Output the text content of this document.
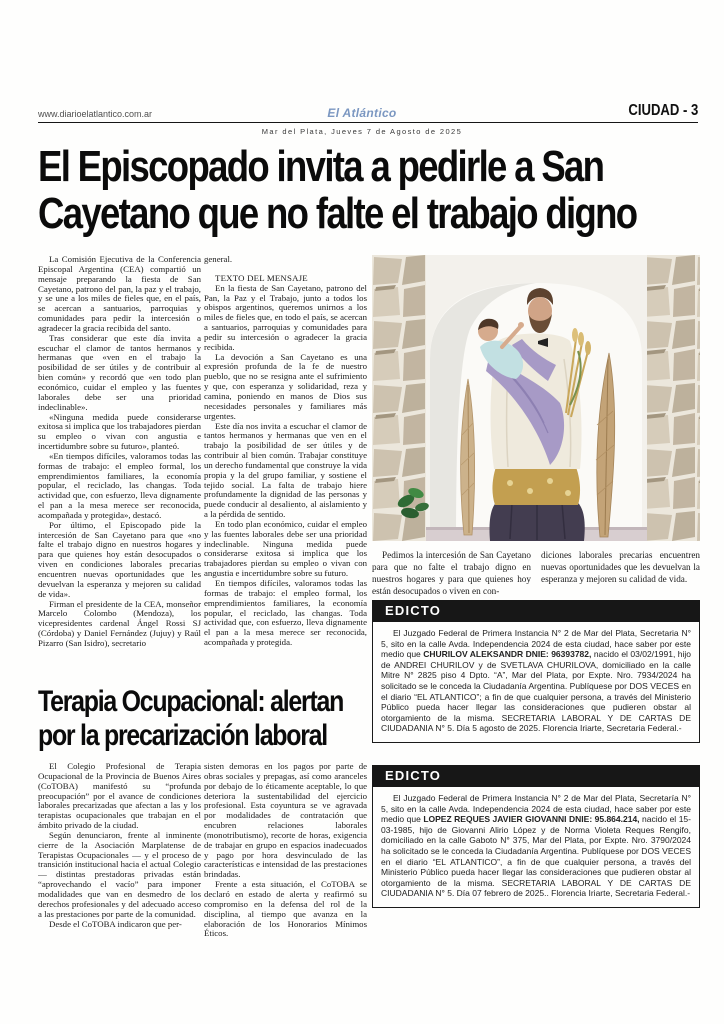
www.diarioelatlantico.com.ar	El Atlántico	CIUDAD - 3
Mar del Plata, Jueves 7 de Agosto de 2025
El Episcopado invita a pedirle a San
Cayetano que no falte el trabajo digno

La Comisión Ejecutiva de la Conferencia Episcopal Argentina (CEA) compartió un mensaje preparando la fiesta de San Cayetano, patrono del pan, la paz y el trabajo, y se une a los miles de fieles que, en el país, se acercan a santuarios, parroquias y comunidades para pedir la intercesión o agradecer la gracia recibida del santo.

Tras considerar que este día invita a escuchar el clamor de tantos hermanos y hermanas que «ven en el trabajo la posibilidad de ser útiles y de contribuir al bien común» y recordó que «en todo plan económico, cuidar el empleo y las fuentes laborales debe ser una prioridad indeclinable».

«Ninguna medida puede considerarse exitosa si implica que los trabajadores pierdan su empleo o vivan con angustia e incertidumbre sobre su futuro», planteó.

«En tiempos difíciles, valoramos todas las formas de trabajo: el empleo formal, los emprendimientos familiares, la economía popular, el reciclado, las changas. Toda actividad que, con esfuerzo, lleva dignamente el pan a la mesa merece ser reconocida, acompañada y protegida», destacó.

Por último, el Episcopado pide la intercesión de San Cayetano para que «no falte el trabajo digno en nuestros hogares y para que quienes hoy están desocupados o viven en condiciones laborales precarias encuentren nuevas oportunidades que les devuelvan la esperanza y mejoren su calidad de vida».

Firman el presidente de la CEA, monseñor Marcelo Colombo (Mendoza), los vicepresidentes cardenal Ángel Rossi SJ (Córdoba) y Daniel Fernández (Jujuy) y Raúl Pizarro (San Isidro), secretario

general.

TEXTO DEL MENSAJE

En la fiesta de San Cayetano, patrono del Pan, la Paz y el Trabajo, junto a todos los obispos argentinos, queremos unirnos a los miles de fieles que, en todo el país, se acercan a santuarios, parroquias y comunidades para pedir su intercesión o agradecer la gracia recibida.

La devoción a San Cayetano es una expresión profunda de la fe de nuestro pueblo, que no se resigna ante el sufrimiento y que, con esperanza y solidaridad, reza y camina, poniendo en manos de Dios sus necesidades personales y familiares más urgentes.

Este día nos invita a escuchar el clamor de tantos hermanos y hermanas que ven en el trabajo la posibilidad de ser útiles y de contribuir al bien común. Trabajar constituye un derecho fundamental que construye la vida propia y la del grupo familiar, y sostiene el tejido social. La falta de trabajo hiere profundamente la dignidad de las personas y puede conducir al desaliento, al aislamiento y a la pérdida de sentido.

En todo plan económico, cuidar el empleo y las fuentes laborales debe ser una prioridad indeclinable. Ninguna medida puede considerarse exitosa si implica que los trabajadores pierdan su empleo o vivan con angustia e incertidumbre sobre su futuro.

En tiempos difíciles, valoramos todas las formas de trabajo: el empleo formal, los emprendimientos familiares, la economía popular, el reciclado, las changas. Toda actividad que, con esfuerzo, lleva dignamente el pan a la mesa merece ser reconocida, acompañada y protegida.

Pedimos la intercesión de San Cayetano para que no falte el trabajo digno en nuestros hogares y para que quienes hoy están desocupados o viven en con-
diciones laborales precarias encuentren nuevas oportunidades que les devuelvan la esperanza y mejoren su calidad de vida.
EDICTO
El Juzgado Federal de Primera Instancia N° 2 de Mar del Plata, Secretaria N° 5, sito en la calle Avda. Independencia 2024 de esta ciudad, hace saber por este medio que CHURILOV ALEKSANDR DNIE: 96393782, nacido el 03/02/1991, hijo de ANDREI CHURILOV y de SVETLAVA CHURILOVA, domiciliado en la calle Mitre N° 2825 piso 4 Dpto. “A”, Mar del Plata, por Expte. Nro. 7934/2024 ha solicitado se le conceda la Ciudadanía Argentina. Publíquese por DOS VECES en el diario “EL ATLANTICO”; a fin de que cualquier persona, a través del Ministerio Público pueda hacer llegar las consideraciones que pudieren obstar al otorgamiento de la misma. SECRETARIA LABORAL Y DE CARTAS DE CIUDADANIA N° 5. Día 5 agosto de 2025. Florencia Iriarte, Secretaria Federal.-
EDICTO
El Juzgado Federal de Primera Instancia N° 2 de Mar del Plata, Secretaría N° 5, sito en la calle Avda. Independencia 2024 de esta ciudad, hace saber por este medio que LOPEZ REQUES JAVIER GIOVANNI DNIE: 95.864.214, nacido el 15-03-1985, hijo de Giovanni Alirio López y de Norma Violeta Reques Rengifo, domiciliado en la calle Gaboto N° 375, Mar del Plata, por Expte. Nro. 3790/2024 ha solicitado se le conceda la Ciudadanía Argentina. Publíquese por DOS VECES en el diario “EL ATLANTICO”, a fin de que cualquier persona, a través del Ministerio Público pueda hacer llegar las consideraciones que pudieren obstar al otorgamiento de la misma. SECRETARIA LABORAL Y DE CARTAS DE CIUDADANIA N° 5. Día 07 febrero de 2025.. Florencia Iriarte, Secretaria Federal.-
Terapia Ocupacional: alertan
por la precarización laboral

El Colegio Profesional de Terapia Ocupacional de la Provincia de Buenos Aires (CoTOBA) manifestó su “profunda preocupación” por el avance de condiciones laborales precarizadas que afectan a las y los terapistas ocupacionales que trabajan en el ámbito privado de la ciudad.

Según denunciaron, frente al inminente cierre de la Asociación Marplatense de Terapistas Ocupacionales — y el proceso de transición institucional hacia el actual Colegio — distintas prestadoras privadas están “aprovechando el vacío” para imponer modalidades que van en desmedro de los derechos profesionales y del adecuado acceso a las prestaciones por parte de la comunidad.

Desde el CoTOBA indicaron que per-

sisten demoras en los pagos por parte de obras sociales y prepagas, así como aranceles por debajo de lo éticamente aceptable, lo que deteriora la sustentabilidad del ejercicio profesional. Esta coyuntura se ve agravada por modalidades de contratación que encubren relaciones laborales (monotributismo), recorte de horas, exigencia de trabajar en grupo en espacios inadecuados y pago por hora desvinculado de las características e intensidad de las prestaciones brindadas.

Frente a esta situación, el CoTOBA se declaró en estado de alerta y reafirmó su compromiso en la defensa del rol de la disciplina, al tiempo que avanza en la elaboración de los Honorarios Mínimos Éticos.
